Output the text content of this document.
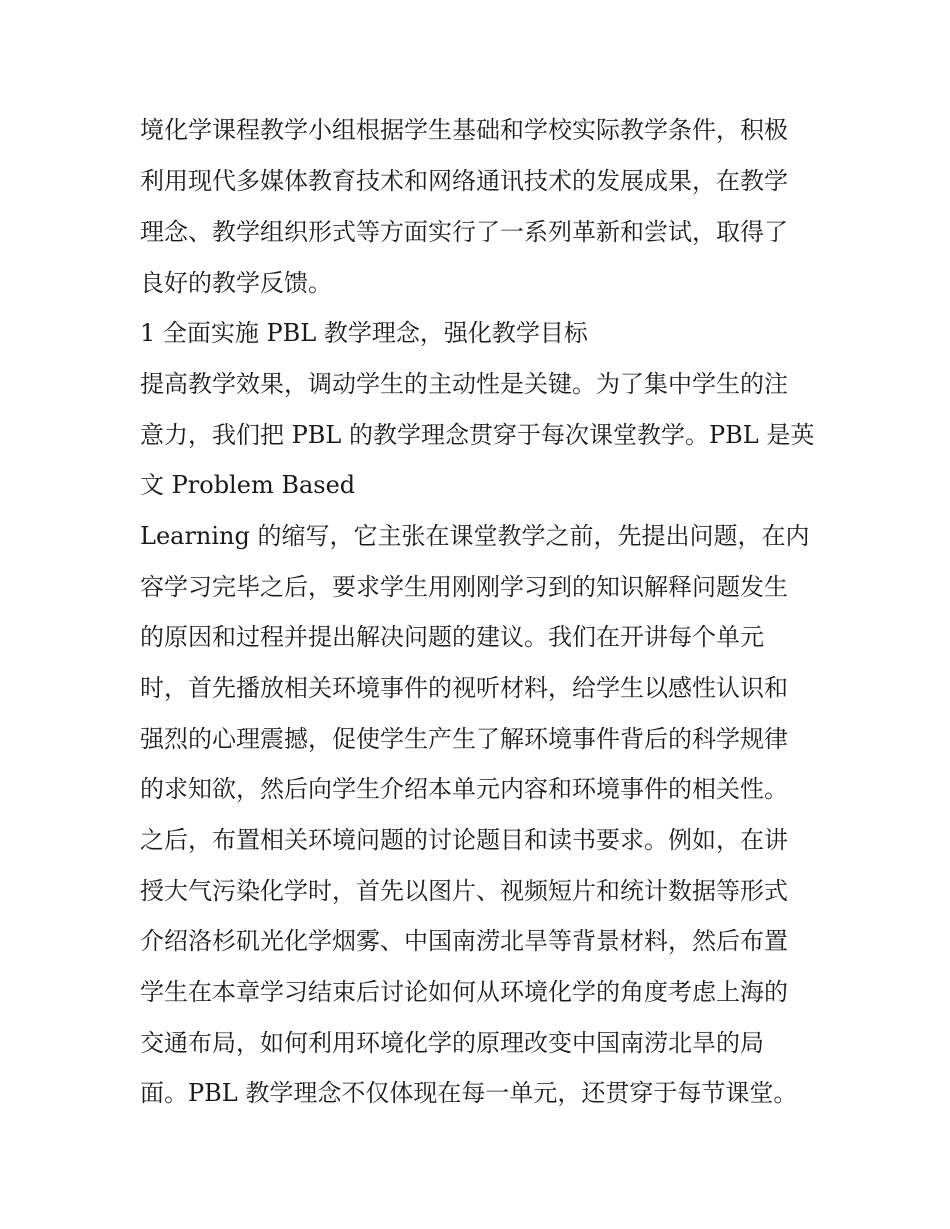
境化学课程教学小组根据学生基础和学校实际教学条件，积极
利用现代多媒体教育技术和网络通讯技术的发展成果，在教学
理念、教学组织形式等方面实行了一系列革新和尝试，取得了
良好的教学反馈。
1 全面实施 PBL 教学理念，强化教学目标
提高教学效果，调动学生的主动性是关键。为了集中学生的注
意力，我们把 PBL 的教学理念贯穿于每次课堂教学。PBL 是英
文 Problem Based
Learning 的缩写，它主张在课堂教学之前，先提出问题，在内
容学习完毕之后，要求学生用刚刚学习到的知识解释问题发生
的原因和过程并提出解决问题的建议。我们在开讲每个单元
时，首先播放相关环境事件的视听材料，给学生以感性认识和
强烈的心理震撼，促使学生产生了解环境事件背后的科学规律
的求知欲，然后向学生介绍本单元内容和环境事件的相关性。
之后，布置相关环境问题的讨论题目和读书要求。例如，在讲
授大气污染化学时，首先以图片、视频短片和统计数据等形式
介绍洛杉矶光化学烟雾、中国南涝北旱等背景材料，然后布置
学生在本章学习结束后讨论如何从环境化学的角度考虑上海的
交通布局，如何利用环境化学的原理改变中国南涝北旱的局
面。PBL 教学理念不仅体现在每一单元，还贯穿于每节课堂。
